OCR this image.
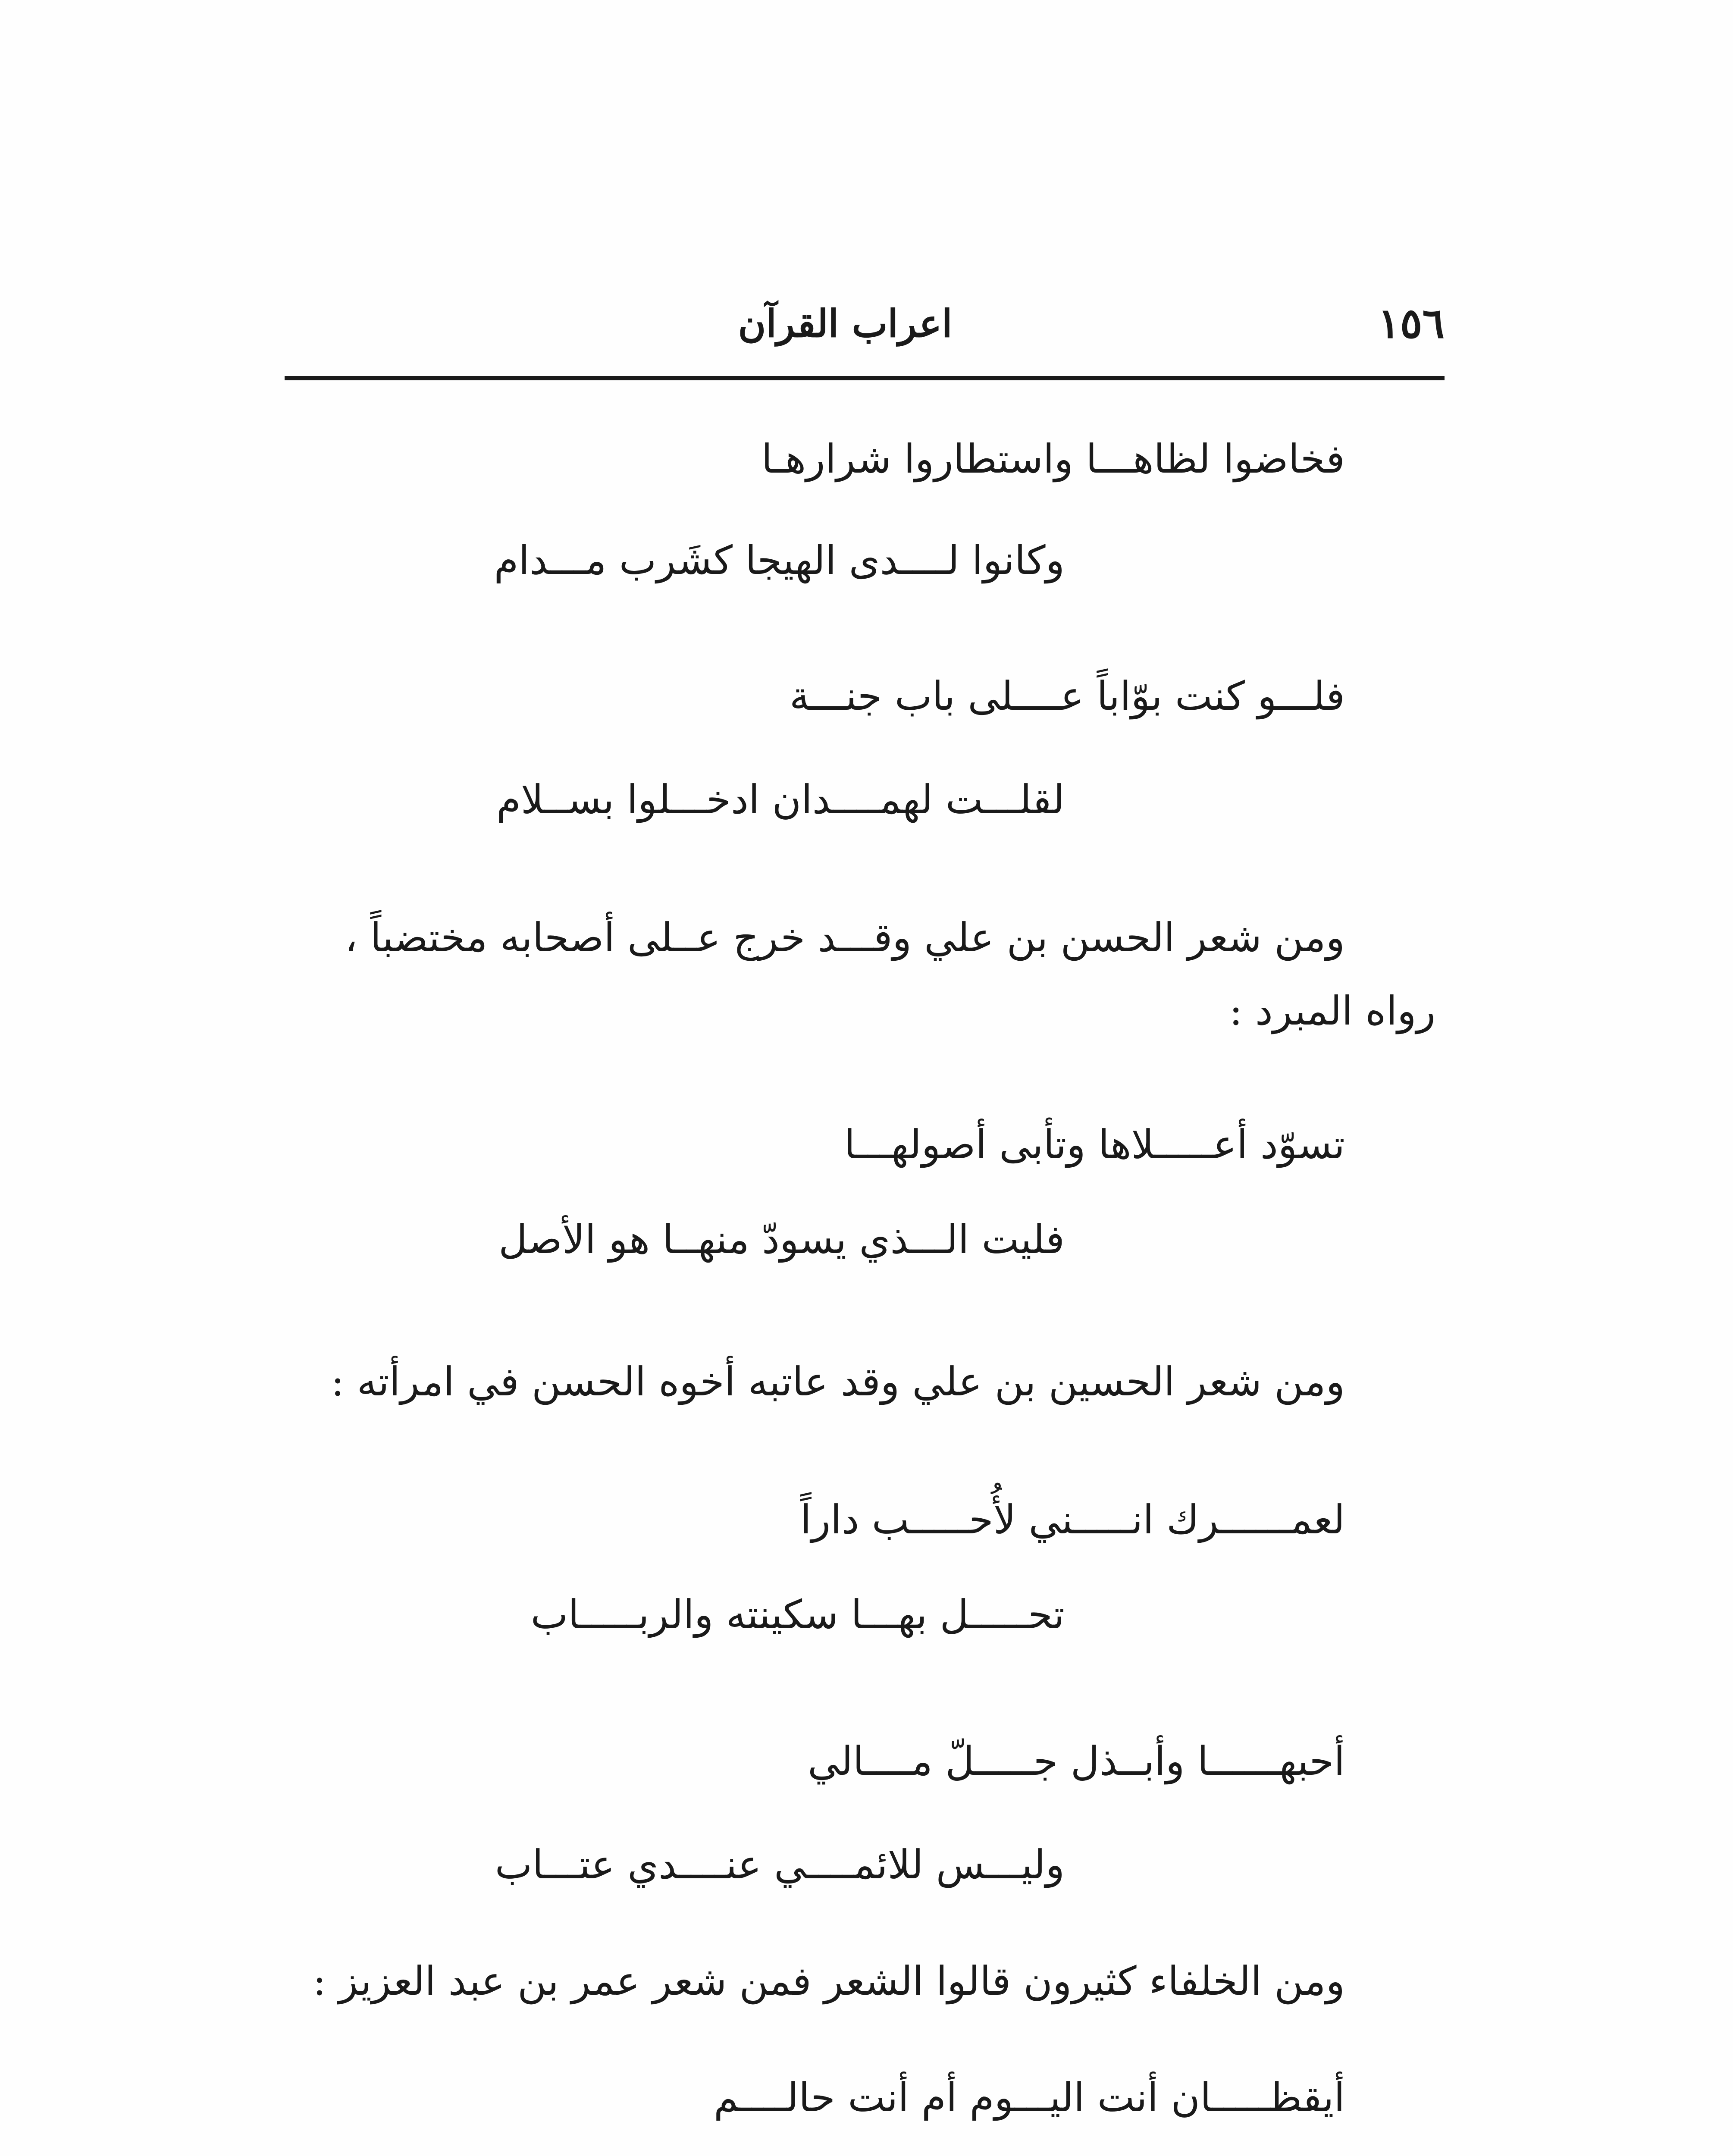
١٥٦
اعراب القرآن
فخاضوا لظاهـــا واستطاروا شرارهـا
وكانوا لــــدى الهيجا كشَرب مـــدام
فلـــو كنت بوّاباً عــــلى باب جنـــة
لقلـــت لهمــــدان ادخـــلوا بســلام
ومن شعر الحسن بن علي وقـــد خرج عــلى أصحابه مختضباً ،
رواه المبرد :
تسوّد أعـــــلاها وتأبى أصولهـــا
فليت الـــذي يسودّ منهــا هو الأصل
ومن شعر الحسين بن علي وقد عاتبه أخوه الحسن في امرأته :
لعمــــــرك انـــــني لأُحـــــب داراً
تحـــــل بهـــا سكينته والربـــــاب
أحبهــــــا وأبــذل جـــــلّ مــــالي
وليـــس للائمــــي عنــــدي عتـــاب
ومن الخلفاء كثيرون قالوا الشعر فمن شعر عمر بن عبد العزيز :
أيقظـــــان أنت اليـــوم أم أنت حالــــم
